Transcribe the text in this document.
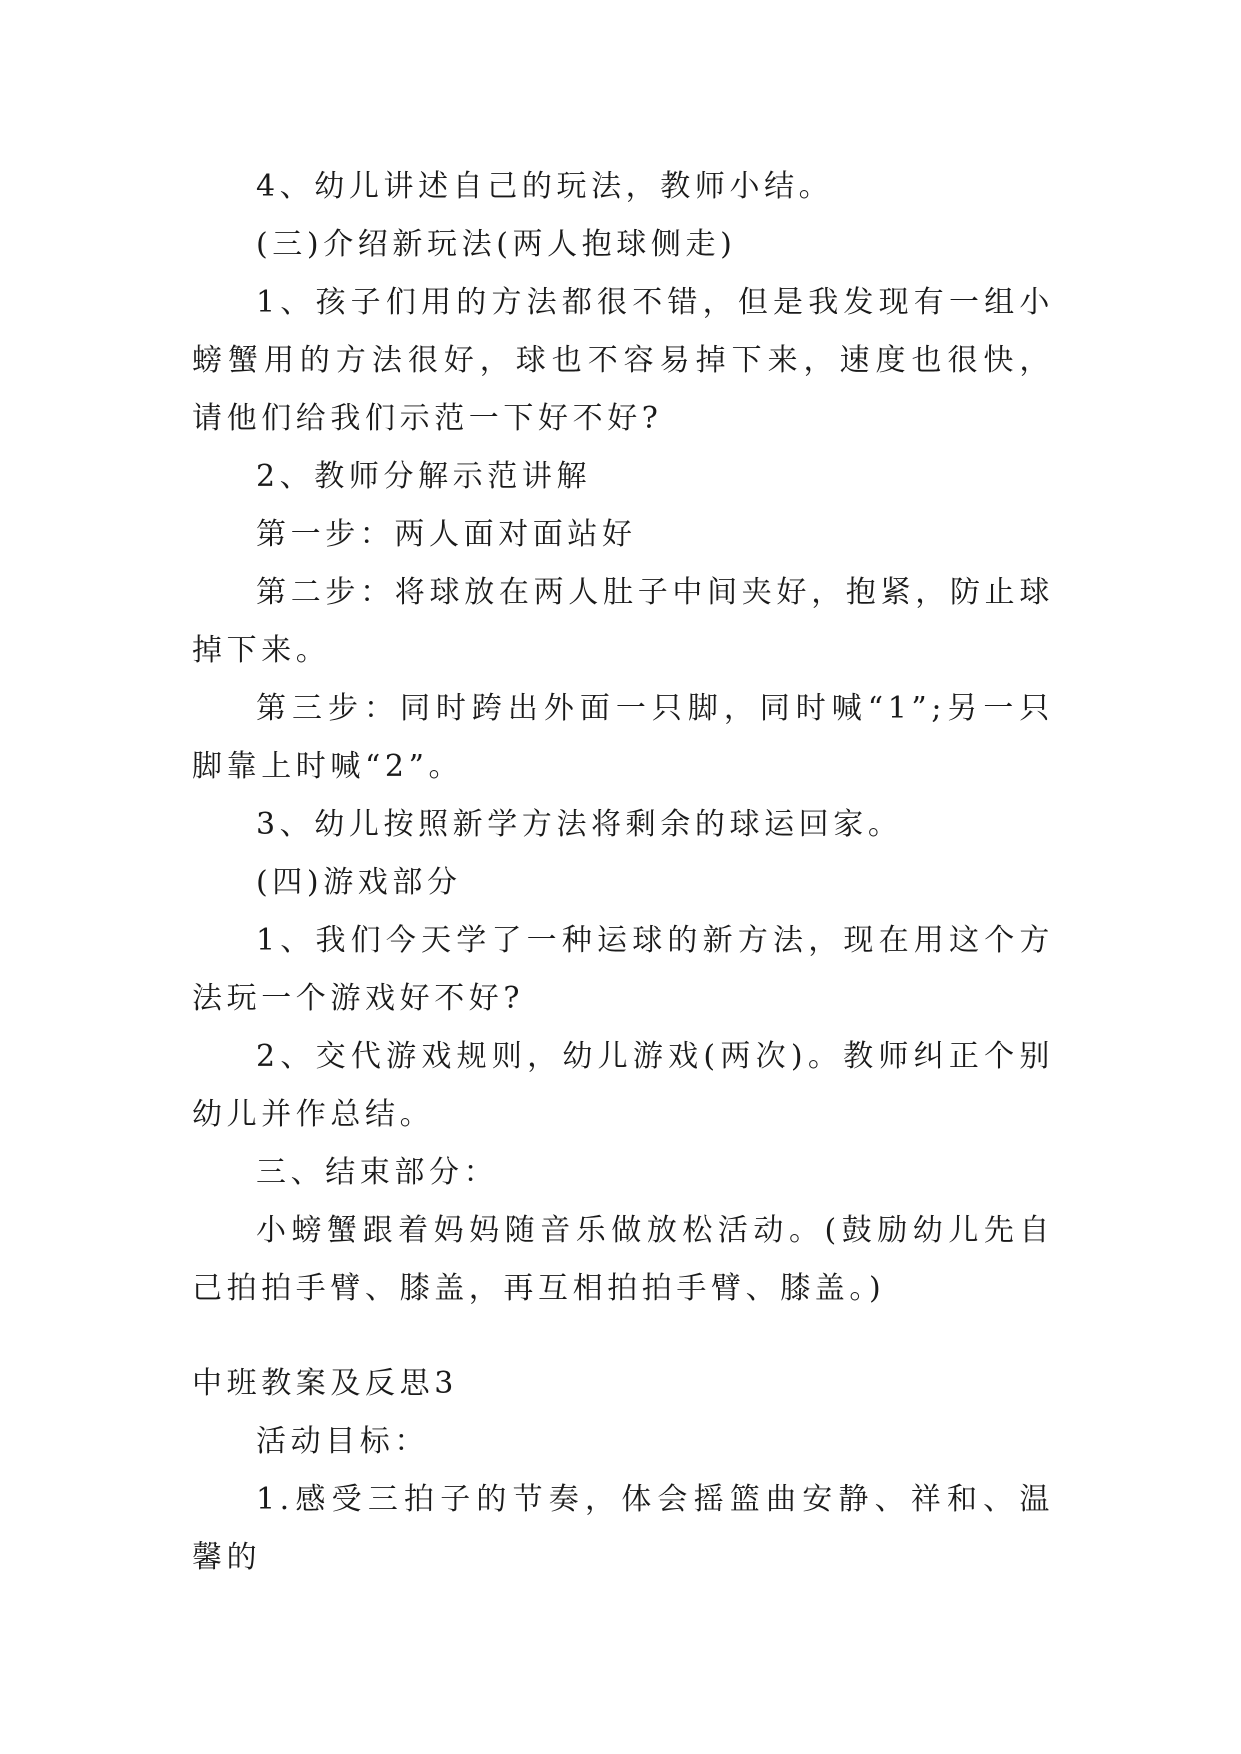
4、幼儿讲述自己的玩法，教师小结。

(三)介绍新玩法(两人抱球侧走)

1、孩子们用的方法都很不错，但是我发现有一组小螃蟹用的方法很好，球也不容易掉下来，速度也很快，请他们给我们示范一下好不好?

2、教师分解示范讲解

第一步：两人面对面站好

第二步：将球放在两人肚子中间夹好，抱紧，防止球掉下来。

第三步：同时跨出外面一只脚，同时喊“1”;另一只脚靠上时喊“2”。

3、幼儿按照新学方法将剩余的球运回家。

(四)游戏部分

1、我们今天学了一种运球的新方法，现在用这个方法玩一个游戏好不好?

2、交代游戏规则，幼儿游戏(两次)。教师纠正个别幼儿并作总结。

三、结束部分：

小螃蟹跟着妈妈随音乐做放松活动。(鼓励幼儿先自己拍拍手臂、膝盖，再互相拍拍手臂、膝盖。)

中班教案及反思3

活动目标：

1.感受三拍子的节奏，体会摇篮曲安静、祥和、温馨的
